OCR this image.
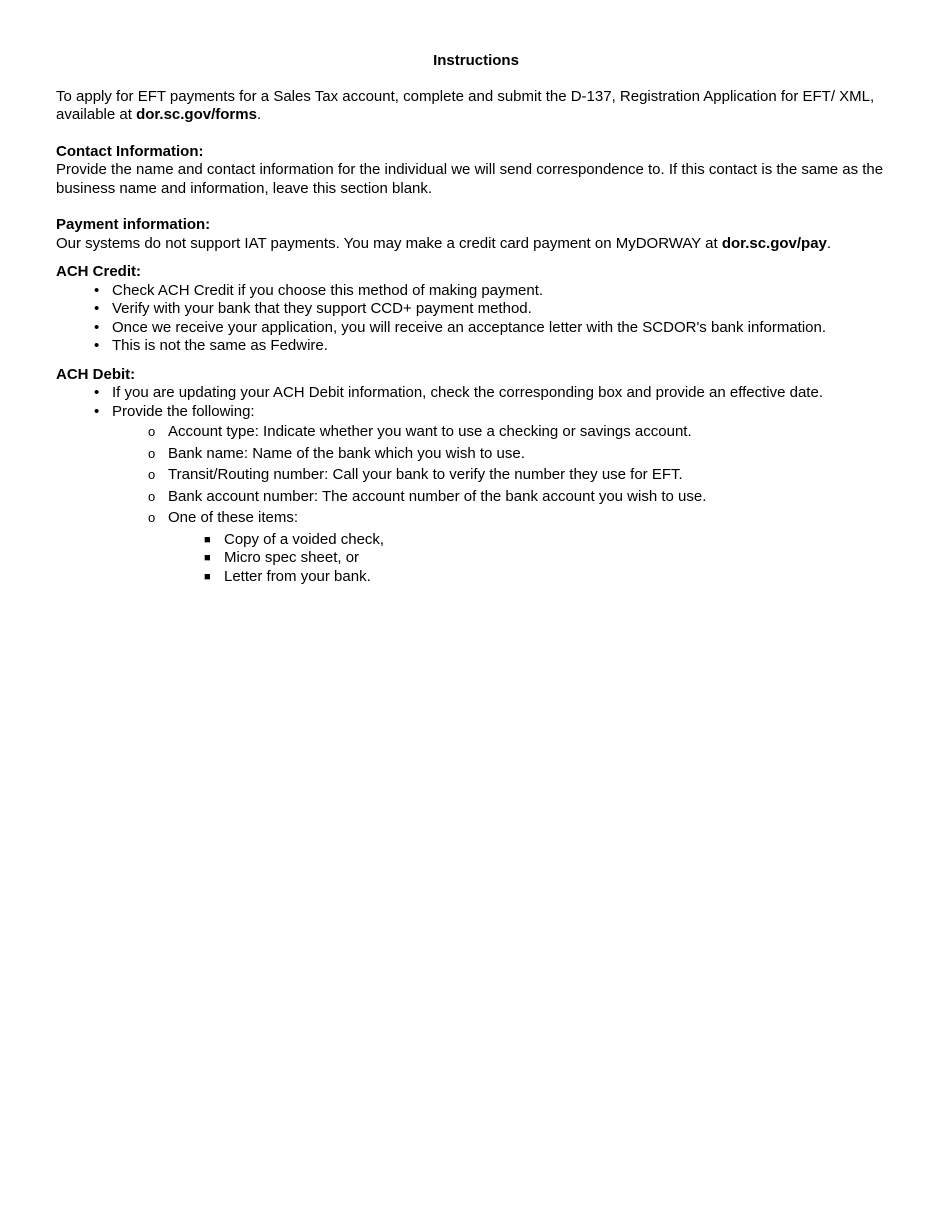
Instructions

To apply for EFT payments for a Sales Tax account, complete and submit the D-137, Registration Application for EFT/ XML, available at dor.sc.gov/forms.

Contact Information:

Provide the name and contact information for the individual we will send correspondence to. If this contact is the same as the business name and information, leave this section blank.

Payment information:

Our systems do not support IAT payments. You may make a credit card payment on MyDORWAY at dor.sc.gov/pay.

ACH Credit:
• Check ACH Credit if you choose this method of making payment.
• Verify with your bank that they support CCD+ payment method.
• Once we receive your application, you will receive an acceptance letter with the SCDOR's bank information.
• This is not the same as Fedwire.
ACH Debit:
• If you are updating your ACH Debit information, check the corresponding box and provide an effective date.
• Provide the following:
o Account type: Indicate whether you want to use a checking or savings account.
o Bank name: Name of the bank which you wish to use.
o Transit/Routing number: Call your bank to verify the number they use for EFT.
o Bank account number: The account number of the bank account you wish to use.
o One of these items:
■ Copy of a voided check,
■ Micro spec sheet, or
■ Letter from your bank.
